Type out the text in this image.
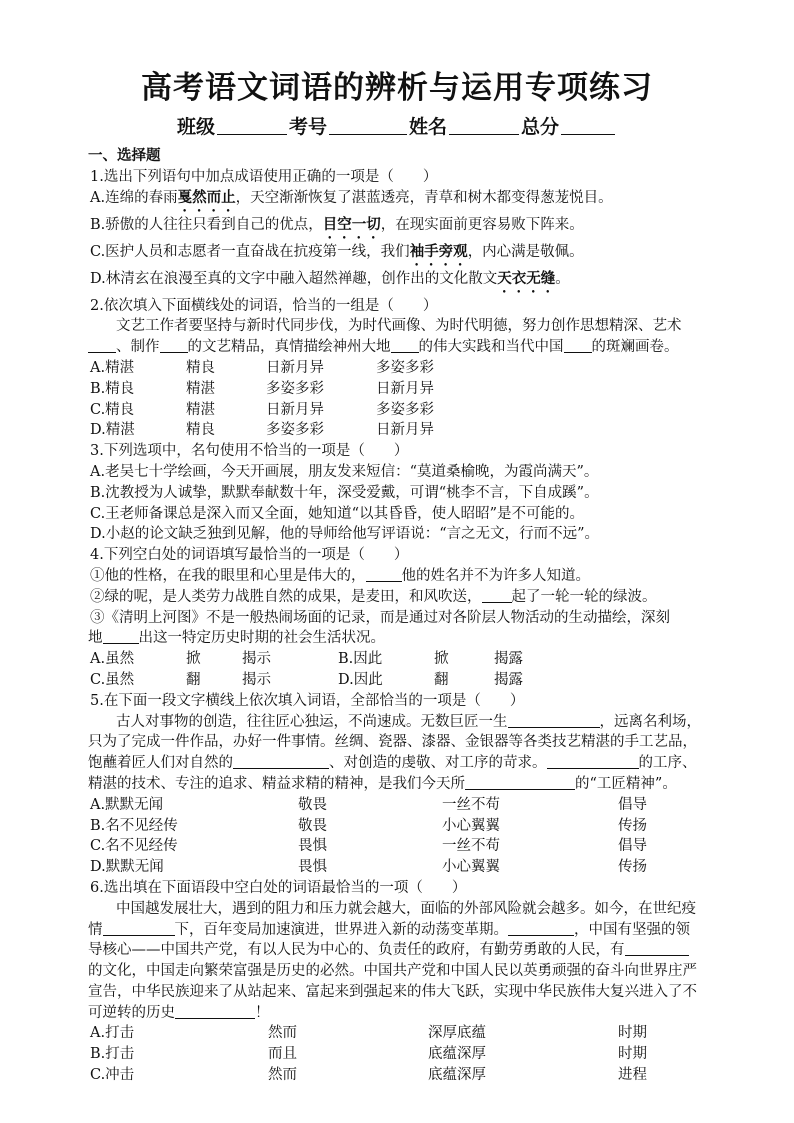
高考语文词语的辨析与运用专项练习
班级	考号	姓名	总分

一、选择题

1.选出下列语句中加点成语使用正确的一项是（　　）

A.连绵的春雨戛然而止，天空渐渐恢复了湛蓝透亮，青草和树木都变得葱茏悦目。

B.骄傲的人往往只看到自己的优点，目空一切，在现实面前更容易败下阵来。

C.医护人员和志愿者一直奋战在抗疫第一线，我们袖手旁观，内心满是敬佩。

D.林清玄在浪漫至真的文字中融入超然禅趣，创作出的文化散文天衣无缝。

2.依次填入下面横线处的词语，恰当的一组是（　　）

文艺工作者要坚持与新时代同步伐，为时代画像、为时代明德，努力创作思想精深、艺术

、制作 的文艺精品，真情描绘神州大地 的伟大实践和当代中国 的斑斓画卷。

A.精湛	精良	日新月异	多姿多彩
B.精良	精湛	多姿多彩	日新月异
C.精良	精湛	日新月异	多姿多彩
D.精湛	精良	多姿多彩	日新月异

3.下列选项中，名句使用不恰当的一项是（　　）

A.老吴七十学绘画，今天开画展，朋友发来短信：“莫道桑榆晚，为霞尚满天”。

B.沈教授为人诚挚，默默奉献数十年，深受爱戴，可谓“桃李不言，下自成蹊”。

C.王老师备课总是深入而又全面，她知道“以其昏昏，使人昭昭”是不可能的。

D.小赵的论文缺乏独到见解，他的导师给他写评语说：“言之无文，行而不远”。

4.下列空白处的词语填写最恰当的一项是（　　）

①他的性格，在我的眼里和心里是伟大的， 他的姓名并不为许多人知道。

②绿的呢，是人类劳力战胜自然的成果，是麦田，和风吹送， 起了一轮一轮的绿波。

③《清明上河图》不是一般热闹场面的记录，而是通过对各阶层人物活动的生动描绘，深刻

地 出这一特定历史时期的社会生活状况。

A.虽然	掀	揭示	B.因此	掀	揭露
C.虽然	翻	揭示	D.因此	翻	揭露

5.在下面一段文字横线上依次填入词语，全部恰当的一项是（　　）

古人对事物的创造，往往匠心独运，不尚速成。无数巨匠一生	，远离名利场，

只为了完成一件作品，办好一件事情。丝绸、瓷器、漆器、金银器等各类技艺精湛的手工艺品，

饱蘸着匠人们对自然的	、对创造的虔敬、对工序的苛求。	的工序、

精湛的技术、专注的追求、精益求精的精神，是我们今天所	的“工匠精神”。

A.默默无闻	敬畏	一丝不苟	倡导
B.名不见经传	敬畏	小心翼翼	传扬
C.名不见经传	畏惧	一丝不苟	倡导
D.默默无闻	畏惧	小心翼翼	传扬

6.选出填在下面语段中空白处的词语最恰当的一项（　　）

中国越发展壮大，遇到的阻力和压力就会越大，面临的外部风险就会越多。如今，在世纪疫

情	下，百年变局加速演进，世界进入新的动荡变革期。	，中国有坚强的领

导核心——中国共产党，有以人民为中心的、负责任的政府，有勤劳勇敢的人民，有

的文化，中国走向繁荣富强是历史的必然。中国共产党和中国人民以英勇顽强的奋斗向世界庄严

宣告，中华民族迎来了从站起来、富起来到强起来的伟大飞跃，实现中华民族伟大复兴进入了不

可逆转的历史	！

A.打击	然而	深厚底蕴	时期
B.打击	而且	底蕴深厚	时期
C.冲击	然而	底蕴深厚	进程
